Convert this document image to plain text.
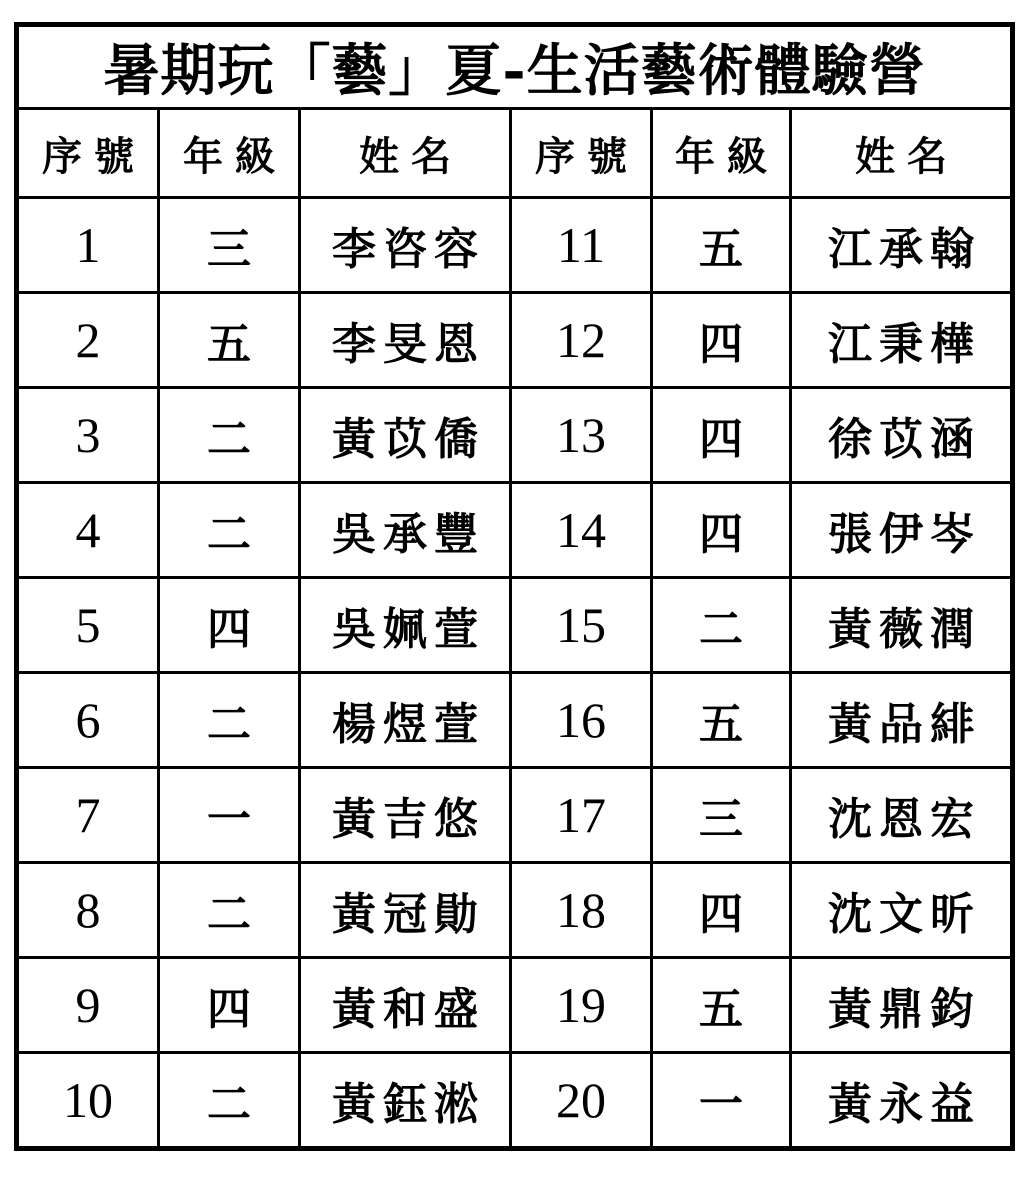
暑期玩「藝」夏-生活藝術體驗營					
序號	年級	姓名	序號	年級	姓名
1	三	李咨容	11	五	江承翰
2	五	李旻恩	12	四	江秉樺
3	二	黃苡僑	13	四	徐苡涵
4	二	吳承豐	14	四	張伊岑
5	四	吳姵萱	15	二	黃薇潤
6	二	楊煜萱	16	五	黃品緋
7	一	黃吉悠	17	三	沈恩宏
8	二	黃冠勛	18	四	沈文昕
9	四	黃和盛	19	五	黃鼎鈞
10	二	黃鈺淞	20	一	黃永益
